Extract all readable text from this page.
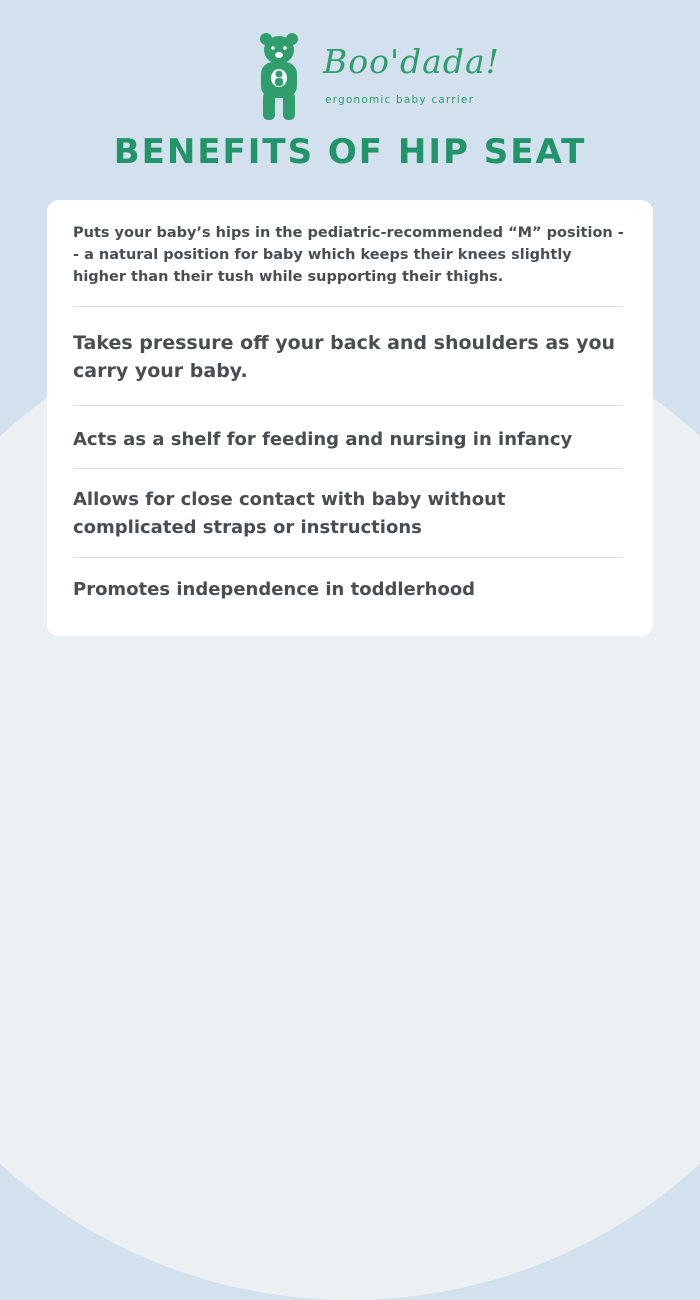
Boo'dada!
ergonomic baby carrier
BENEFITS OF HIP SEAT

Puts your baby’s hips in the pediatric-recommended “M” position -- a natural position for baby which keeps their knees slightly higher than their tush while supporting their thighs.

Takes pressure off your back and shoulders as you carry your baby.

Acts as a shelf for feeding and nursing in infancy

Allows for close contact with baby without complicated straps or instructions

Promotes independence in toddlerhood
